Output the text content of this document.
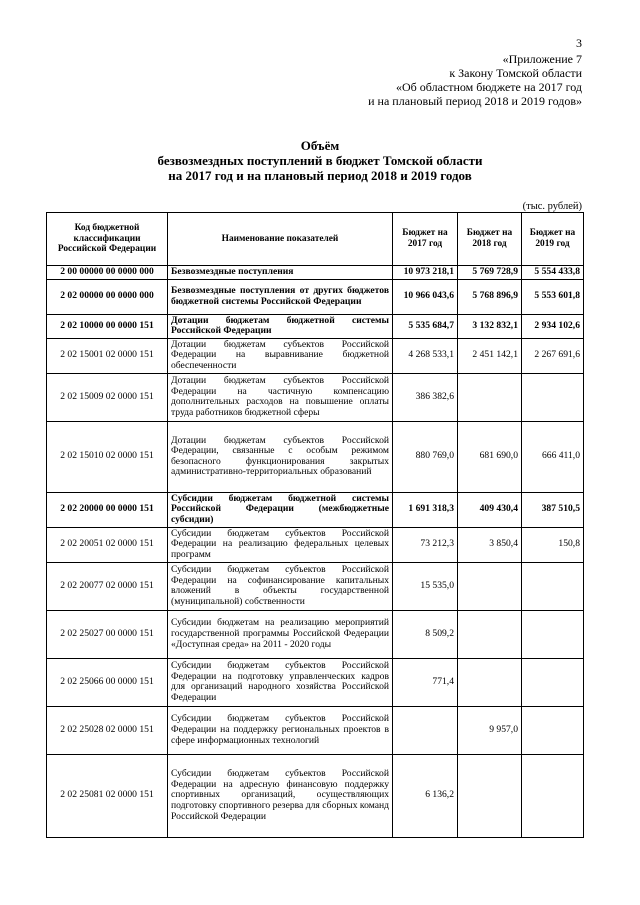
3
«Приложение 7
к Закону Томской области
«Об областном бюджете на 2017 год
и на плановый период 2018 и 2019 годов»
Объём
безвозмездных поступлений в бюджет Томской области
на 2017 год и на плановый период 2018 и 2019 годов
(тыс. рублей)
Код бюджетной классификации Российской Федерации	Наименование показателей	Бюджет на 2017 год	Бюджет на 2018 год	Бюджет на 2019 год
2 00 00000 00 0000 000	Безвозмездные поступления	10 973 218,1	5 769 728,9	5 554 433,8
2 02 00000 00 0000 000	Безвозмездные поступления от других бюджетов бюджетной системы Российской Федерации	10 966 043,6	5 768 896,9	5 553 601,8
2 02 10000 00 0000 151	Дотации бюджетам бюджетной системы Российской Федерации	5 535 684,7	3 132 832,1	2 934 102,6
2 02 15001 02 0000 151	Дотации бюджетам субъектов Российской Федерации на выравнивание бюджетной обеспеченности	4 268 533,1	2 451 142,1	2 267 691,6
2 02 15009 02 0000 151	Дотации бюджетам субъектов Российской Федерации на частичную компенсацию дополнительных расходов на повышение оплаты труда работников бюджетной сферы	386 382,6		
2 02 15010 02 0000 151	Дотации бюджетам субъектов Российской Федерации, связанные с особым режимом безопасного функционирования закрытых административно-территориальных образований	880 769,0	681 690,0	666 411,0
2 02 20000 00 0000 151	Субсидии бюджетам бюджетной системы Российской Федерации (межбюджетные субсидии)	1 691 318,3	409 430,4	387 510,5
2 02 20051 02 0000 151	Субсидии бюджетам субъектов Российской Федерации на реализацию федеральных целевых программ	73 212,3	3 850,4	150,8
2 02 20077 02 0000 151	Субсидии бюджетам субъектов Российской Федерации на софинансирование капитальных вложений в объекты государственной (муниципальной) собственности	15 535,0		
2 02 25027 00 0000 151	Субсидии бюджетам на реализацию мероприятий государственной программы Российской Федерации «Доступная среда» на 2011 - 2020 годы	8 509,2		
2 02 25066 00 0000 151	Субсидии бюджетам субъектов Российской Федерации на подготовку управленческих кадров для организаций народного хозяйства Российской Федерации	771,4		
2 02 25028 02 0000 151	Субсидии бюджетам субъектов Российской Федерации на поддержку региональных проектов в сфере информационных технологий		9 957,0	
2 02 25081 02 0000 151	Субсидии бюджетам субъектов Российской Федерации на адресную финансовую поддержку спортивных организаций, осуществляющих подготовку спортивного резерва для сборных команд Российской Федерации	6 136,2		
